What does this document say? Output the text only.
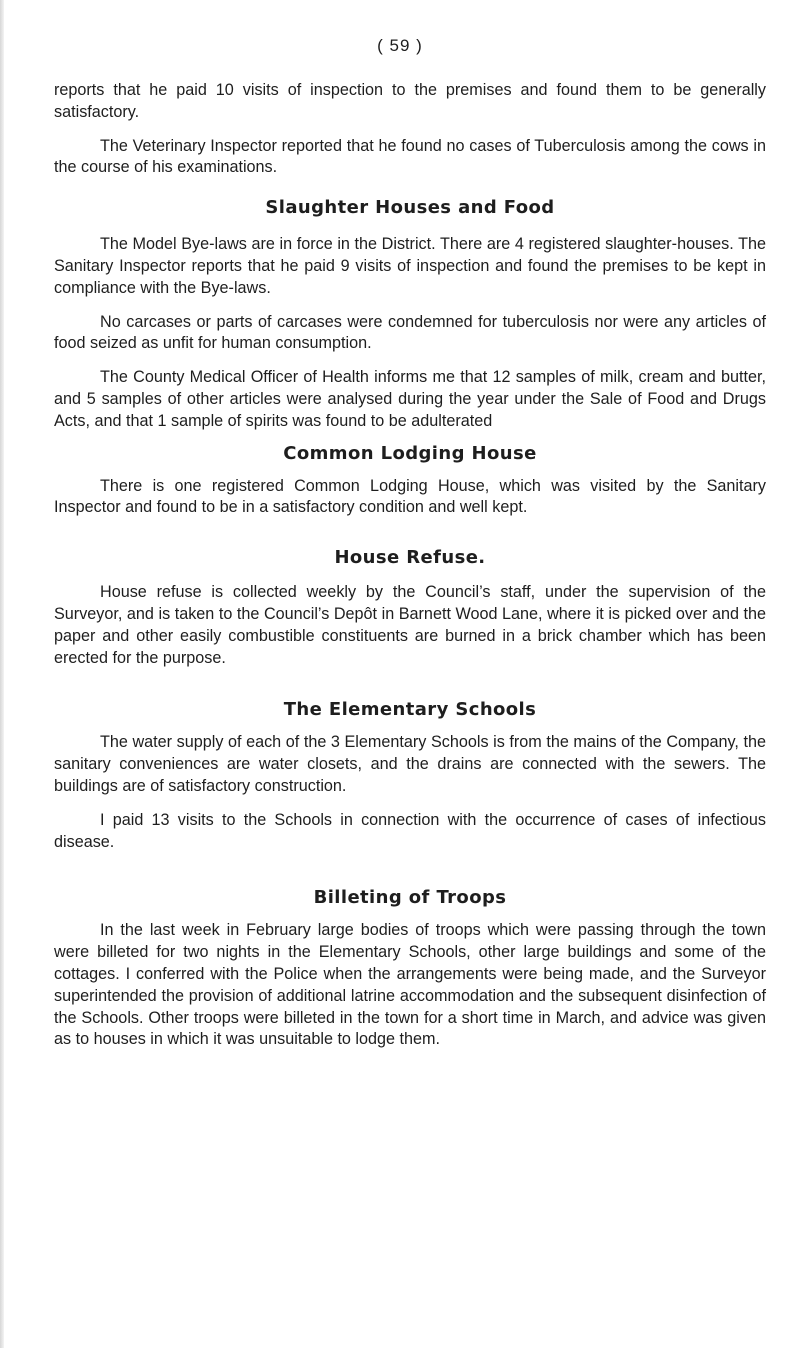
( 59 )

reports that he paid 10 visits of inspection to the premises and found them to be generally satisfactory.

The Veterinary Inspector reported that he found no cases of Tuberculosis among the cows in the course of his examinations.

Slaughter Houses and Food

The Model Bye-laws are in force in the District. There are 4 registered slaughter-houses. The Sanitary Inspector reports that he paid 9 visits of inspection and found the premises to be kept in compliance with the Bye-laws.

No carcases or parts of carcases were condemned for tuberculosis nor were any articles of food seized as unfit for human consumption.

The County Medical Officer of Health informs me that 12 samples of milk, cream and butter, and 5 samples of other articles were analysed during the year under the Sale of Food and Drugs Acts, and that 1 sample of spirits was found to be adulterated

Common Lodging House

There is one registered Common Lodging House, which was visited by the Sanitary Inspector and found to be in a satisfactory condition and well kept.

House Refuse.

House refuse is collected weekly by the Council’s staff, under the supervision of the Surveyor, and is taken to the Council’s Depôt in Barnett Wood Lane, where it is picked over and the paper and other easily combustible constituents are burned in a brick chamber which has been erected for the purpose.

The Elementary Schools

The water supply of each of the 3 Elementary Schools is from the mains of the Company, the sanitary conveniences are water closets, and the drains are connected with the sewers. The buildings are of satisfactory construction.

I paid 13 visits to the Schools in connection with the occurrence of cases of infectious disease.

Billeting of Troops

In the last week in February large bodies of troops which were passing through the town were billeted for two nights in the Elementary Schools, other large buildings and some of the cottages. I conferred with the Police when the arrangements were being made, and the Surveyor superintended the provision of additional latrine accommodation and the subsequent disinfection of the Schools. Other troops were billeted in the town for a short time in March, and advice was given as to houses in which it was unsuitable to lodge them.
